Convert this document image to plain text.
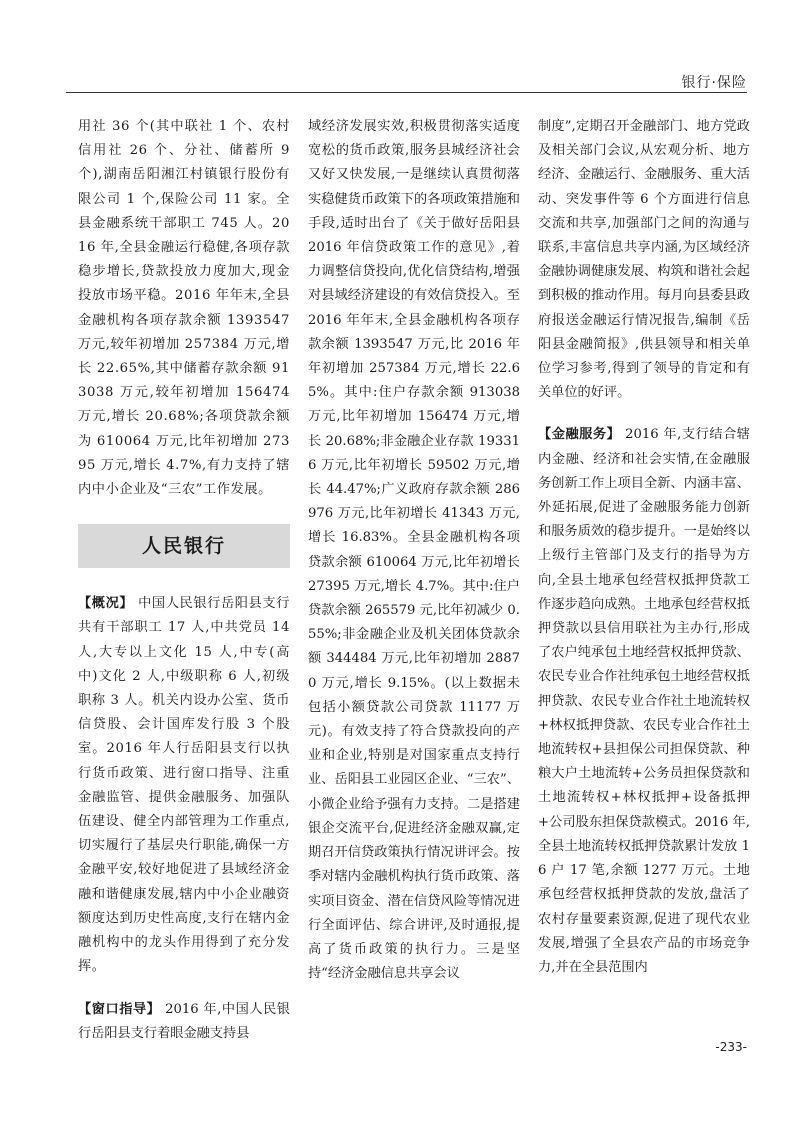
银行·保险

用社 36 个(其中联社 1 个、农村信用社 26 个、分社、储蓄所 9 个),湖南岳阳湘江村镇银行股份有限公司 1 个,保险公司 11 家。全县金融系统干部职工 745 人。2016 年,全县金融运行稳健,各项存款稳步增长,贷款投放力度加大,现金投放市场平稳。2016 年年末,全县金融机构各项存款余额 1393547 万元,较年初增加 257384 万元,增长 22.65%,其中储蓄存款余额 913038 万元,较年初增加 156474 万元,增长 20.68%;各项贷款余额为 610064 万元,比年初增加 27395 万元,增长 4.7%,有力支持了辖内中小企业及“三农”工作发展。

人民银行

【概况】 中国人民银行岳阳县支行共有干部职工 17 人,中共党员 14 人,大专以上文化 15 人,中专(高中)文化 2 人,中级职称 6 人,初级职称 3 人。机关内设办公室、货币信贷股、会计国库发行股 3 个股室。2016 年人行岳阳县支行以执行货币政策、进行窗口指导、注重金融监管、提供金融服务、加强队伍建设、健全内部管理为工作重点,切实履行了基层央行职能,确保一方金融平安,较好地促进了县域经济金融和谐健康发展,辖内中小企业融资额度达到历史性高度,支行在辖内金融机构中的龙头作用得到了充分发挥。

【窗口指导】 2016 年,中国人民银行岳阳县支行着眼金融支持县

域经济发展实效,积极贯彻落实适度宽松的货币政策,服务县城经济社会又好又快发展,一是继续认真贯彻落实稳健货币政策下的各项政策措施和手段,适时出台了《关于做好岳阳县 2016 年信贷政策工作的意见》,着力调整信贷投向,优化信贷结构,增强对县域经济建设的有效信贷投入。至 2016 年年末,全县金融机构各项存款余额 1393547 万元,比 2016 年年初增加 257384 万元,增长 22.65%。其中:住户存款余额 913038 万元,比年初增加 156474 万元,增长 20.68%;非金融企业存款 193316 万元,比年初增长 59502 万元,增长 44.47%;广义政府存款余额 286976 万元,比年初增长 41343 万元,增长 16.83%。全县金融机构各项贷款余额 610064 万元,比年初增长 27395 万元,增长 4.7%。其中:住户贷款余额 265579 元,比年初减少 0.55%;非金融企业及机关团体贷款余额 344484 万元,比年初增加 28870 万元,增长 9.15%。(以上数据未包括小额贷款公司贷款 11177 万元)。有效支持了符合贷款投向的产业和企业,特别是对国家重点支持行业、岳阳县工业园区企业、“三农”、小微企业给予强有力支持。二是搭建银企交流平台,促进经济金融双赢,定期召开信贷政策执行情况讲评会。按季对辖内金融机构执行货币政策、落实项目资金、潜在信贷风险等情况进行全面评估、综合讲评,及时通报,提高了货币政策的执行力。三是坚持“经济金融信息共享会议

制度”,定期召开金融部门、地方党政及相关部门会议,从宏观分析、地方经济、金融运行、金融服务、重大活动、突发事件等 6 个方面进行信息交流和共享,加强部门之间的沟通与联系,丰富信息共享内涵,为区域经济金融协调健康发展、构筑和谐社会起到积极的推动作用。每月向县委县政府报送金融运行情况报告,编制《岳阳县金融简报》,供县领导和相关单位学习参考,得到了领导的肯定和有关单位的好评。

【金融服务】 2016 年,支行结合辖内金融、经济和社会实情,在金融服务创新工作上项目全新、内涵丰富、外延拓展,促进了金融服务能力创新和服务质效的稳步提升。一是始终以上级行主管部门及支行的指导为方向,全县土地承包经营权抵押贷款工作逐步趋向成熟。土地承包经营权抵押贷款以县信用联社为主办行,形成了农户纯承包土地经营权抵押贷款、农民专业合作社纯承包土地经营权抵押贷款、农民专业合作社土地流转权+林权抵押贷款、农民专业合作社土地流转权+县担保公司担保贷款、种粮大户土地流转+公务员担保贷款和土地流转权+林权抵押+设备抵押+公司股东担保贷款模式。2016 年,全县土地流转权抵押贷款累计发放 16 户 17 笔,余额 1277 万元。土地承包经营权抵押贷款的发放,盘活了农村存量要素资源,促进了现代农业发展,增强了全县农产品的市场竞争力,并在全县范围内

-233-
